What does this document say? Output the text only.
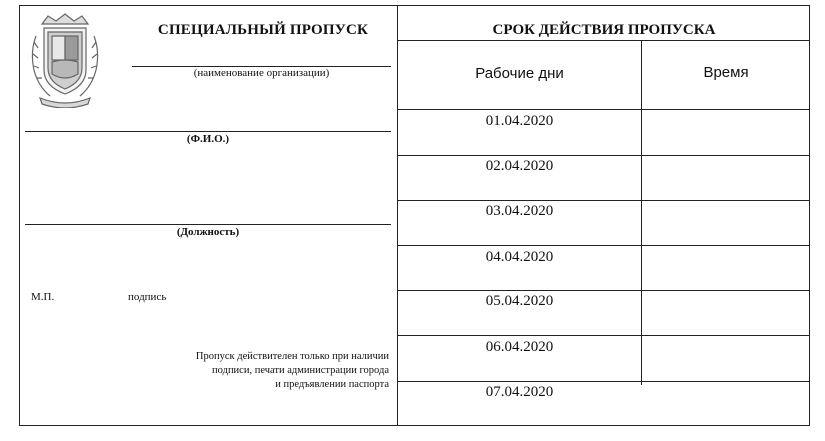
СПЕЦИАЛЬНЫЙ ПРОПУСК
(наименование организации)
(Ф.И.О.)
(Должность)
М.П.	подпись
Пропуск действителен только при наличии
подписи, печати администрации города
и предъявлении паспорта
СРОК ДЕЙСТВИЯ ПРОПУСКА
Рабочие дни	Время
01.04.2020
02.04.2020
03.04.2020
04.04.2020
05.04.2020
06.04.2020
07.04.2020
